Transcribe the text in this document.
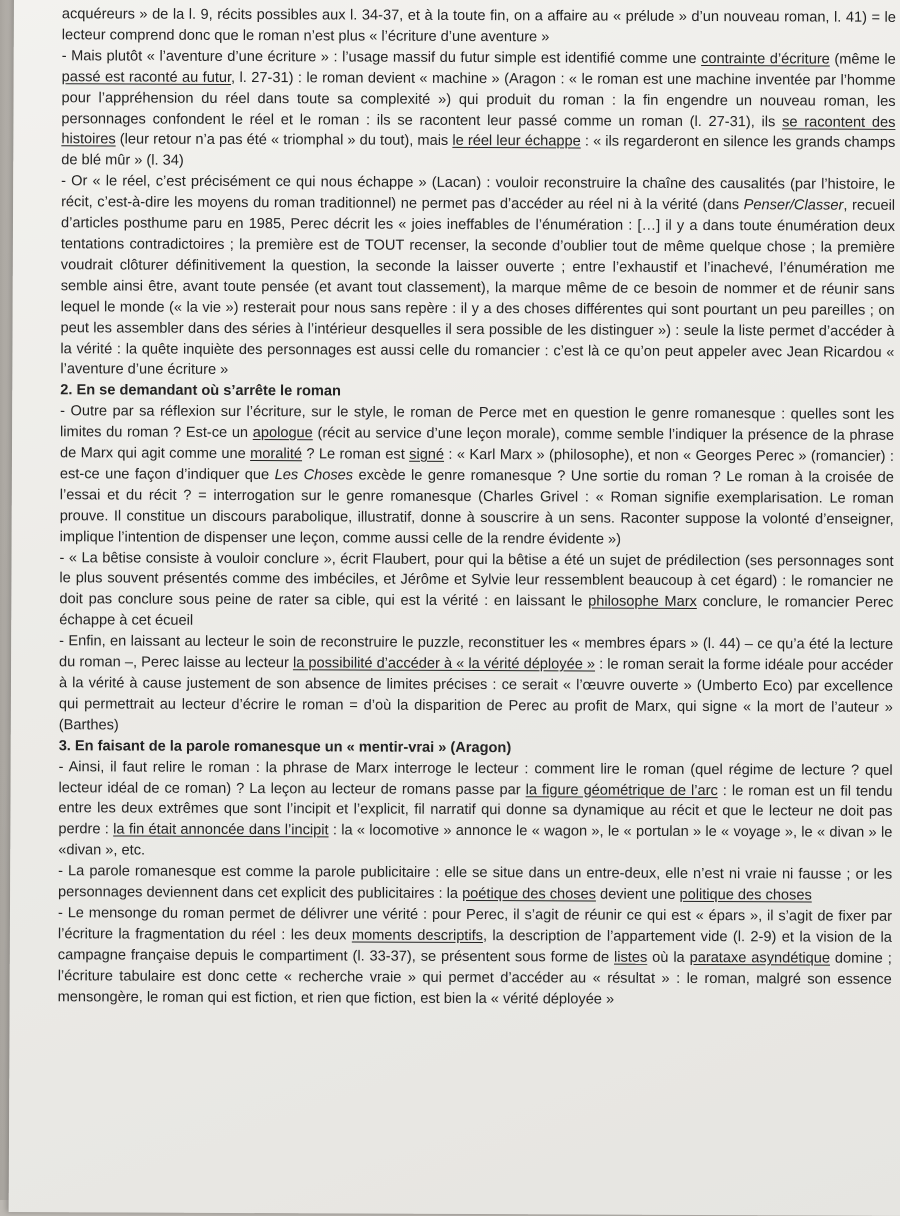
acquéreurs » de la l. 9, récits possibles aux l. 34-37, et à la toute fin, on a affaire au « prélude » d’un nouveau roman, l. 41) = le lecteur comprend donc que le roman n’est plus « l’écriture d’une aventure »

- Mais plutôt « l’aventure d’une écriture » : l’usage massif du futur simple est identifié comme une contrainte d’écriture (même le passé est raconté au futur, l. 27-31) : le roman devient « machine » (Aragon : « le roman est une machine inventée par l’homme pour l’appréhension du réel dans toute sa complexité ») qui produit du roman : la fin engendre un nouveau roman, les personnages confondent le réel et le roman : ils se racontent leur passé comme un roman (l. 27-31), ils se racontent des histoires (leur retour n’a pas été « triomphal » du tout), mais le réel leur échappe : « ils regarderont en silence les grands champs de blé mûr » (l. 34)

- Or « le réel, c’est précisément ce qui nous échappe » (Lacan) : vouloir reconstruire la chaîne des causalités (par l’histoire, le récit, c’est-à-dire les moyens du roman traditionnel) ne permet pas d’accéder au réel ni à la vérité (dans Penser/Classer, recueil d’articles posthume paru en 1985, Perec décrit les « joies ineffables de l’énumération : […] il y a dans toute énumération deux tentations contradictoires ; la première est de TOUT recenser, la seconde d’oublier tout de même quelque chose ; la première voudrait clôturer définitivement la question, la seconde la laisser ouverte ; entre l’exhaustif et l’inachevé, l’énumération me semble ainsi être, avant toute pensée (et avant tout classement), la marque même de ce besoin de nommer et de réunir sans lequel le monde (« la vie ») resterait pour nous sans repère : il y a des choses différentes qui sont pourtant un peu pareilles ; on peut les assembler dans des séries à l’intérieur desquelles il sera possible de les distinguer ») : seule la liste permet d’accéder à la vérité : la quête inquiète des personnages est aussi celle du romancier : c’est là ce qu’on peut appeler avec Jean Ricardou « l’aventure d’une écriture »

2. En se demandant où s’arrête le roman

- Outre par sa réflexion sur l’écriture, sur le style, le roman de Perce met en question le genre romanesque : quelles sont les limites du roman ? Est-ce un apologue (récit au service d’une leçon morale), comme semble l’indiquer la présence de la phrase de Marx qui agit comme une moralité ? Le roman est signé : « Karl Marx » (philosophe), et non « Georges Perec » (romancier) : est-ce une façon d’indiquer que Les Choses excède le genre romanesque ? Une sortie du roman ? Le roman à la croisée de l’essai et du récit ? = interrogation sur le genre romanesque (Charles Grivel : « Roman signifie exemplarisation. Le roman prouve. Il constitue un discours parabolique, illustratif, donne à souscrire à un sens. Raconter suppose la volonté d’enseigner, implique l’intention de dispenser une leçon, comme aussi celle de la rendre évidente »)

- « La bêtise consiste à vouloir conclure », écrit Flaubert, pour qui la bêtise a été un sujet de prédilection (ses personnages sont le plus souvent présentés comme des imbéciles, et Jérôme et Sylvie leur ressemblent beaucoup à cet égard) : le romancier ne doit pas conclure sous peine de rater sa cible, qui est la vérité : en laissant le philosophe Marx conclure, le romancier Perec échappe à cet écueil

- Enfin, en laissant au lecteur le soin de reconstruire le puzzle, reconstituer les « membres épars » (l. 44) – ce qu’a été la lecture du roman –, Perec laisse au lecteur la possibilité d’accéder à « la vérité déployée » : le roman serait la forme idéale pour accéder à la vérité à cause justement de son absence de limites précises : ce serait « l’œuvre ouverte » (Umberto Eco) par excellence qui permettrait au lecteur d’écrire le roman = d’où la disparition de Perec au profit de Marx, qui signe « la mort de l’auteur » (Barthes)

3. En faisant de la parole romanesque un « mentir-vrai » (Aragon)

- Ainsi, il faut relire le roman : la phrase de Marx interroge le lecteur : comment lire le roman (quel régime de lecture ? quel lecteur idéal de ce roman) ? La leçon au lecteur de romans passe par la figure géométrique de l’arc : le roman est un fil tendu entre les deux extrêmes que sont l’incipit et l’explicit, fil narratif qui donne sa dynamique au récit et que le lecteur ne doit pas perdre : la fin était annoncée dans l’incipit : la « locomotive » annonce le « wagon », le « portulan » le « voyage », le « divan » le «divan », etc.

- La parole romanesque est comme la parole publicitaire : elle se situe dans un entre-deux, elle n’est ni vraie ni fausse ; or les personnages deviennent dans cet explicit des publicitaires : la poétique des choses devient une politique des choses

- Le mensonge du roman permet de délivrer une vérité : pour Perec, il s’agit de réunir ce qui est « épars », il s’agit de fixer par l’écriture la fragmentation du réel : les deux moments descriptifs, la description de l’appartement vide (l. 2-9) et la vision de la campagne française depuis le compartiment (l. 33-37), se présentent sous forme de listes où la parataxe asyndétique domine ; l’écriture tabulaire est donc cette « recherche vraie » qui permet d’accéder au « résultat » : le roman, malgré son essence mensongère, le roman qui est fiction, et rien que fiction, est bien la « vérité déployée »
